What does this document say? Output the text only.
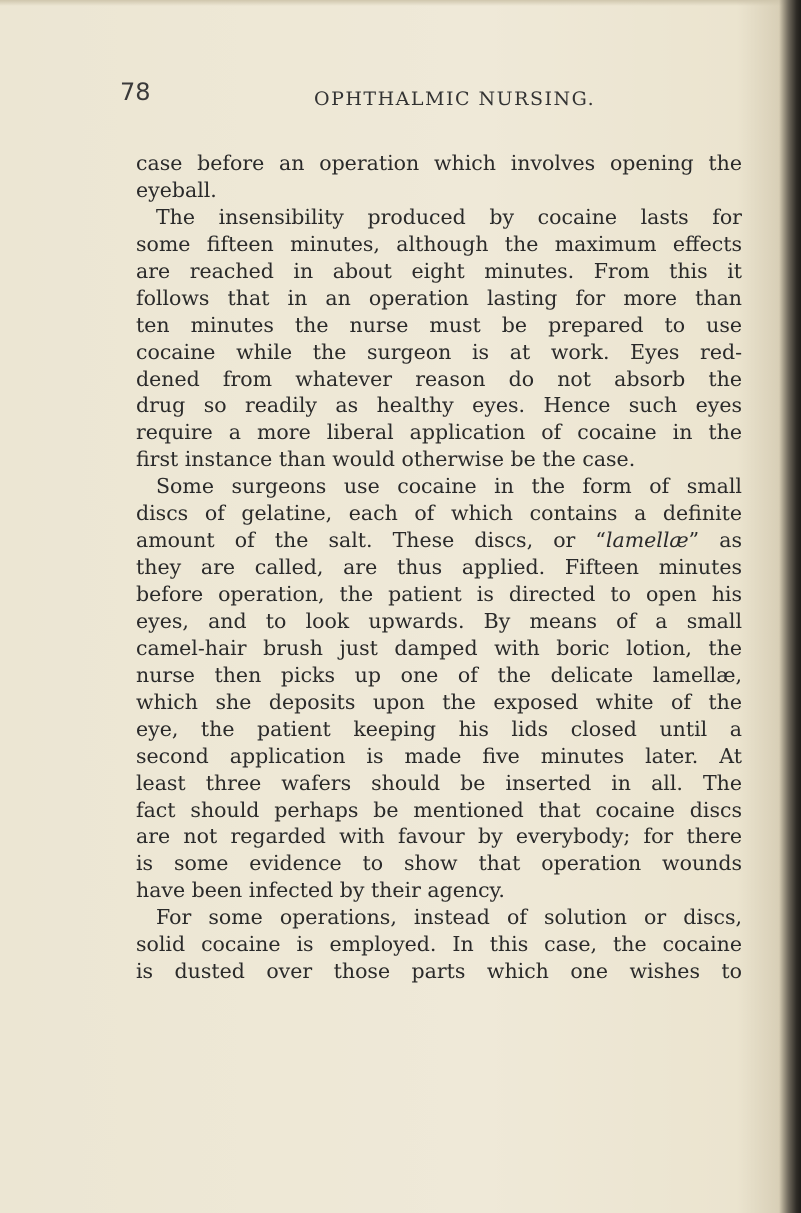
78	OPHTHALMIC NURSING.
case before an operation which involves opening the
eyeball.
The insensibility produced by cocaine lasts for
some fifteen minutes, although the maximum effects
are reached in about eight minutes. From this it
follows that in an operation lasting for more than
ten minutes the nurse must be prepared to use
cocaine while the surgeon is at work. Eyes red-
dened from whatever reason do not absorb the
drug so readily as healthy eyes. Hence such eyes
require a more liberal application of cocaine in the
first instance than would otherwise be the case.
Some surgeons use cocaine in the form of small
discs of gelatine, each of which contains a definite
amount of the salt. These discs, or “lamellæ” as
they are called, are thus applied. Fifteen minutes
before operation, the patient is directed to open his
eyes, and to look upwards. By means of a small
camel-hair brush just damped with boric lotion, the
nurse then picks up one of the delicate lamellæ,
which she deposits upon the exposed white of the
eye, the patient keeping his lids closed until a
second application is made five minutes later. At
least three wafers should be inserted in all. The
fact should perhaps be mentioned that cocaine discs
are not regarded with favour by everybody; for there
is some evidence to show that operation wounds
have been infected by their agency.
For some operations, instead of solution or discs,
solid cocaine is employed. In this case, the cocaine
is dusted over those parts which one wishes to
